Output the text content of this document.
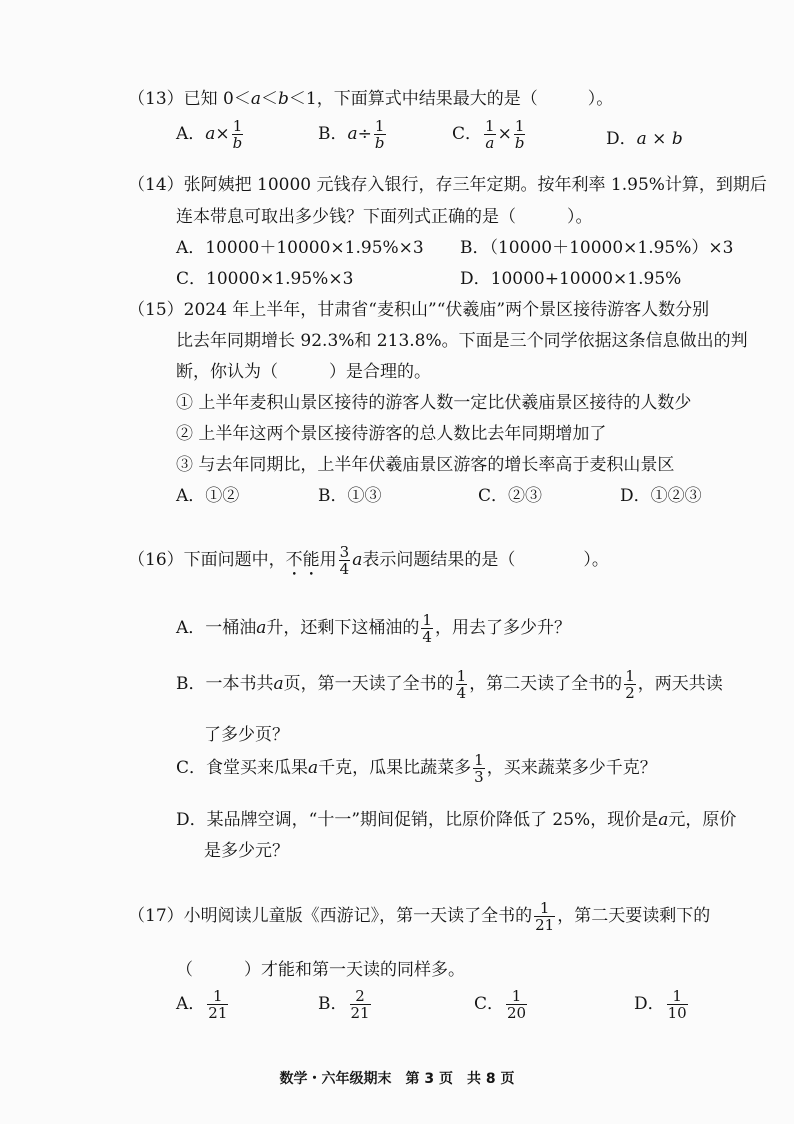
（13）已知 0＜a＜b＜1，下面算式中结果最大的是（	）。
A．$a\times \frac{1}{b}$	B．$a\div \frac{1}{b}$	C． $\frac{1}{a} \times \frac{1}{b}$	D．a × b
（14）张阿姨把 10000 元钱存入银行，存三年定期。按年利率 1.95%计算，到期后
连本带息可取出多少钱？下面列式正确的是（　　　）。
A．10000＋10000×1.95%×3 B．（10000＋10000×1.95%）×3
C．10000×1.95%×3	D．10000+10000×1.95%
（15）2024 年上半年，甘肃省“麦积山”“伏羲庙”两个景区接待游客人数分别
比去年同期增长 92.3%和 213.8%。下面是三个同学依据这条信息做出的判
断，你认为（　　　）是合理的。
① 上半年麦积山景区接待的游客人数一定比伏羲庙景区接待的人数少
② 上半年这两个景区接待游客的总人数比去年同期增加了
③ 与去年同期比，上半年伏羲庙景区游客的增长率高于麦积山景区
A．①②	B．①③	C．②③	D．①②③
（16）下面问题中，不能用 $\frac{3}{4}$ a表示问题结果的是（　　　　）。
A．一桶油a升，还剩下这桶油的 $\frac{1}{4}$ ，用去了多少升？
B．一本书共a页，第一天读了全书的 $\frac{1}{4}$ ，第二天读了全书的 $\frac{1}{2}$ ，两天共读
了多少页？
C．食堂买来瓜果a千克，瓜果比蔬菜多 $\frac{1}{3}$ ，买来蔬菜多少千克？
D．某品牌空调，“十一”期间促销，比原价降低了 25%，现价是a元，原价
是多少元？
（17）小明阅读儿童版《西游记》，第一天读了全书的 $\frac{1}{21}$ ，第二天要读剩下的
（　　　）才能和第一天读的同样多。
A． $\frac{1}{21}$	B． $\frac{2}{21}$	C． $\frac{1}{20}$	D． $\frac{1}{10}$
数学・六年级期末　第 3 页　共 8 页
